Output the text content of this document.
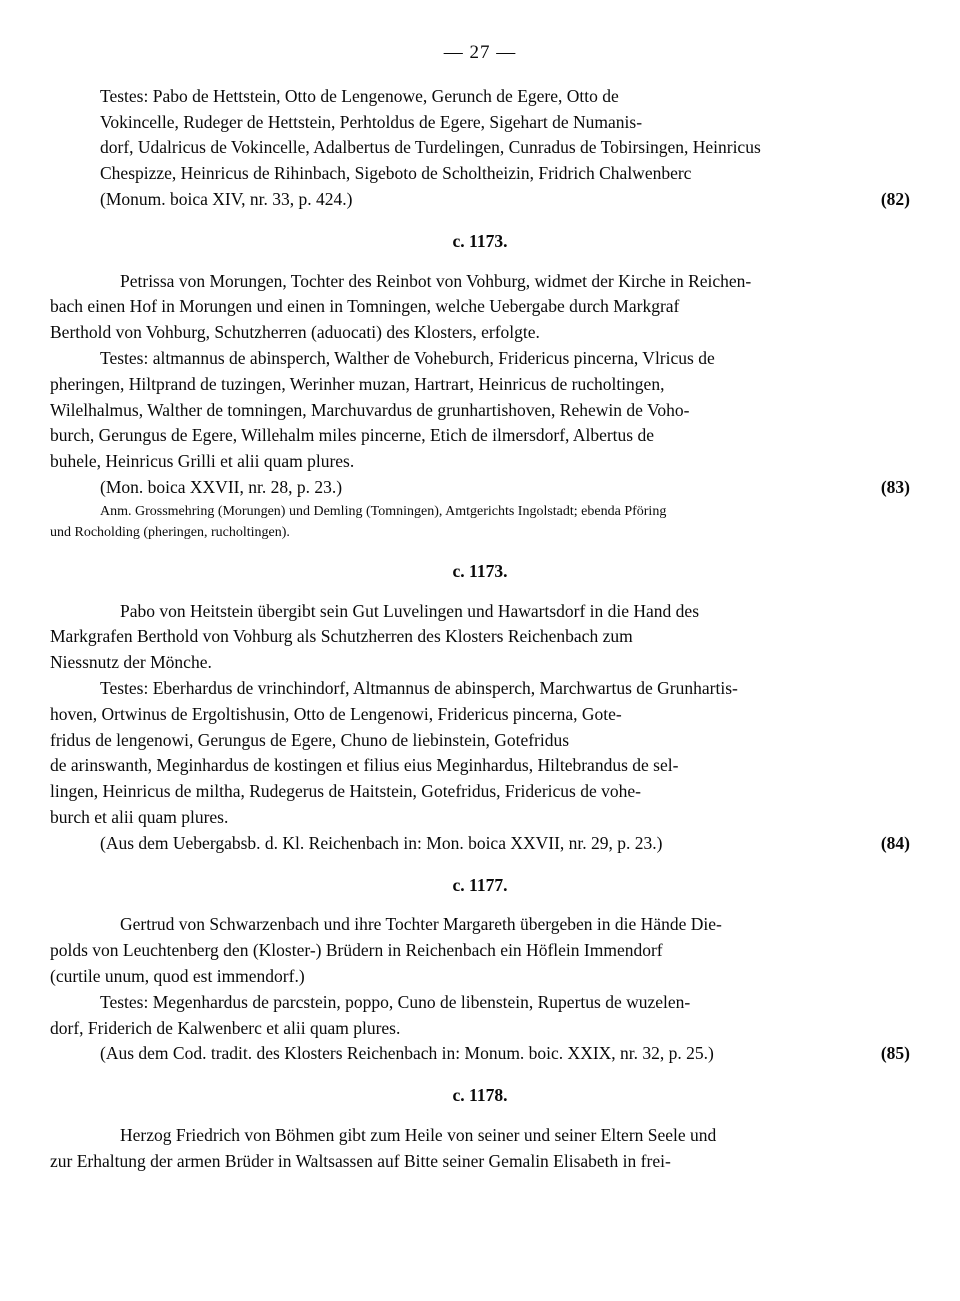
— 27 —
Testes: Pabo de Hettstein, Otto de Lengenowe, Gerunch de Egere, Otto de
Vokincelle, Rudeger de Hettstein, Perhtoldus de Egere, Sigehart de Numanis-
dorf, Udalricus de Vokincelle, Adalbertus de Turdelingen, Cunradus de Tobirsingen, Heinricus
Chespizze, Heinricus de Rihinbach, Sigeboto de Scholtheizin, Fridrich Chalwenberc
(Monum. boica XIV, nr. 33, p. 424.)	(82)
c. 1173.
Petrissa von Morungen, Tochter des Reinbot von Vohburg, widmet der Kirche in Reichen-
bach einen Hof in Morungen und einen in Tomningen, welche Uebergabe durch Markgraf
Berthold von Vohburg, Schutzherren (aduocati) des Klosters, erfolgte.
Testes: altmannus de abinsperch, Walther de Voheburch, Fridericus pincerna, Vlricus de
pheringen, Hiltprand de tuzingen, Werinher muzan, Hartrart, Heinricus de rucholtingen,
Wilelhalmus, Walther de tomningen, Marchuvardus de grunhartishoven, Rehewin de Voho-
burch, Gerungus de Egere, Willehalm miles pincerne, Etich de ilmersdorf, Albertus de
buhele, Heinricus Grilli et alii quam plures.
(Mon. boica XXVII, nr. 28, p. 23.)	(83)
Anm. Grossmehring (Morungen) und Demling (Tomningen), Amtgerichts Ingolstadt; ebenda Pföring
und Rocholding (pheringen, rucholtingen).
c. 1173.
Pabo von Heitstein übergibt sein Gut Luvelingen und Hawartsdorf in die Hand des
Markgrafen Berthold von Vohburg als Schutzherren des Klosters Reichenbach zum
Niessnutz der Mönche.
Testes: Eberhardus de vrinchindorf, Altmannus de abinsperch, Marchwartus de Grunhartis-
hoven, Ortwinus de Ergoltishusin, Otto de Lengenowi, Fridericus pincerna, Gote-
fridus de lengenowi, Gerungus de Egere, Chuno de liebinstein, Gotefridus
de arinswanth, Meginhardus de kostingen et filius eius Meginhardus, Hiltebrandus de sel-
lingen, Heinricus de miltha, Rudegerus de Haitstein, Gotefridus, Fridericus de vohe-
burch et alii quam plures.
(Aus dem Uebergabsb. d. Kl. Reichenbach in: Mon. boica XXVII, nr. 29, p. 23.)	(84)
c. 1177.
Gertrud von Schwarzenbach und ihre Tochter Margareth übergeben in die Hände Die-
polds von Leuchtenberg den (Kloster-) Brüdern in Reichenbach ein Höflein Immendorf
(curtile unum, quod est immendorf.)
Testes: Megenhardus de parcstein, poppo, Cuno de libenstein, Rupertus de wuzelen-
dorf, Friderich de Kalwenberc et alii quam plures.
(Aus dem Cod. tradit. des Klosters Reichenbach in: Monum. boic. XXIX, nr. 32, p. 25.)	(85)
c. 1178.
Herzog Friedrich von Böhmen gibt zum Heile von seiner und seiner Eltern Seele und
zur Erhaltung der armen Brüder in Waltsassen auf Bitte seiner Gemalin Elisabeth in frei-
